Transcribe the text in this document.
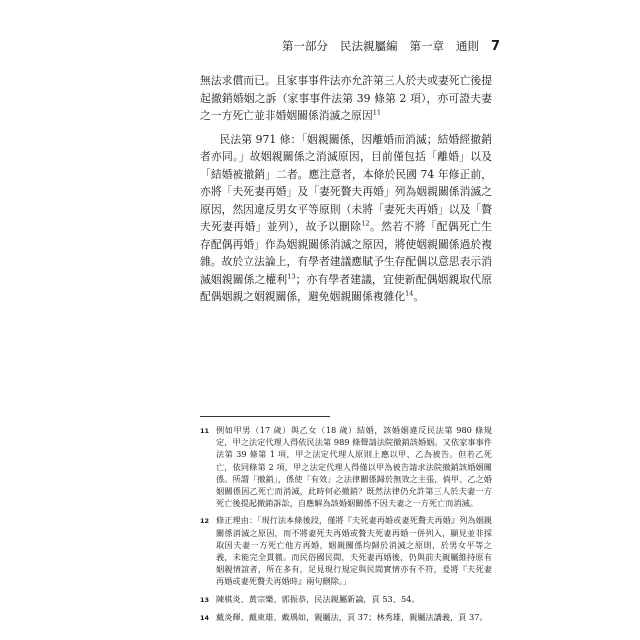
第一部分 民法親屬編 第一章 通則 7

無法求償而已。且家事事件法亦允許第三人於夫或妻死亡後提起撤銷婚姻之訴（家事事件法第 39 條第 2 項），亦可證夫妻之一方死亡並非婚姻關係消滅之原因$^{11}$

民法第 971 條：「姻親關係，因離婚而消滅；結婚經撤銷者亦同。」故姻親關係之消滅原因，目前僅包括「離婚」以及「結婚被撤銷」二者。應注意者，本條於民國 74 年修正前，亦將「夫死妻再婚」及「妻死贅夫再婚」列為姻親關係消滅之原因，然因違反男女平等原則（未將「妻死夫再婚」以及「贅夫死妻再婚」並列），故予以刪除$^{12}$。然若不將「配偶死亡生存配偶再婚」作為姻親關係消滅之原因，將使姻親關係過於複雜。故於立法論上，有學者建議應賦予生存配偶以意思表示消滅姻親關係之權利$^{13}$；亦有學者建議，宜使新配偶姻親取代原配偶姻親之姻親關係，避免姻親關係複雜化$^{14}$。

11 例如甲男（17 歲）與乙女（18 歲）結婚，該婚姻違反民法第 980 條規定，甲之法定代理人得依民法第 989 條聲請法院撤銷該婚姻。又依家事事件法第 39 條第 1 項，甲之法定代理人原則上應以甲、乙為被告。但若乙死亡，依同條第 2 項，甲之法定代理人得僅以甲為被告請求法院撤銷該婚姻關係。所謂「撤銷」，係使「有效」之法律關係歸於無效之主張，倘甲、乙之婚姻關係因乙死亡而消滅，此時何必撤銷？既然法律仍允許第三人於夫妻一方死亡後提起撤銷訴訟，自應解為該婚姻關係不因夫妻之一方死亡而消滅。
12 修正理由：「現行法本條後段，僅將『夫死妻再婚或妻死贅夫再婚』列為姻親關係消滅之原因，而不將妻死夫再婚或贅夫死妻再婚一併列入，顯見並非採取因夫妻一方死亡他方再婚，姻親關係均歸於消滅之原則，於男女平等之義，未能完全貫徹。而民俗國民間，夫死妻再婚後，仍與前夫親屬維持原有姻親情誼者，所在多有，足見現行規定與民間實情亦有不符，爰將『夫死妻再婚或妻死贅夫再婚時』兩句刪除。」
13 陳棋炎、黃宗樂、郭振恭，民法親屬新論，頁 53、54。
14 戴炎輝、戴東雄、戴瑀如，親屬法，頁 37；林秀雄，親屬法講義，頁 37。
